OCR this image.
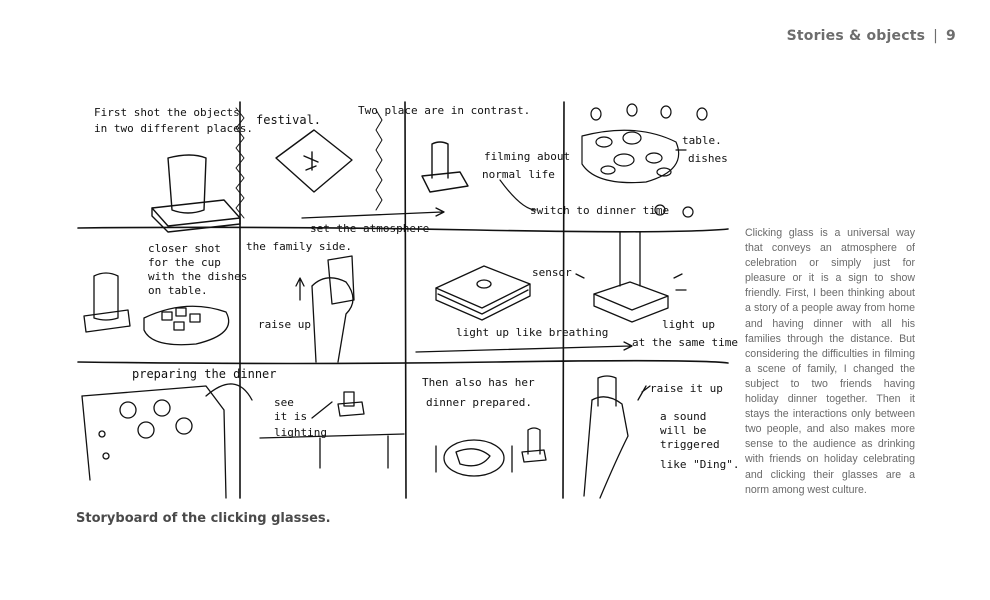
Stories & objects | 9
First shot the objects
in two different places.
festival.
Two place are in contrast.
filming about
normal life
table.
dishes
set the atmosphere
switch to dinner time
closer shot
for the cup
with the dishes
on table.
the family side.
raise up
sensor
light up like breathing
light up
at the same time
preparing the dinner
see
it is
lighting
Then also has her
dinner prepared.
raise it up
a sound
will be
triggered
like "Ding".
Storyboard of the clicking glasses.
Clicking glass is a universal way that conveys an atmosphere of celebration or simply just for pleasure or it is a sign to show friendly. First, I been thinking about a story of a people away from home and having dinner with all his families through the distance. But considering the difficulties in filming a scene of family, I changed the subject to two friends having holiday dinner together. Then it stays the interactions only between two people, and also makes more sense to the audience as drinking with friends on holiday celebrating and clicking their glasses are a norm among west culture.
